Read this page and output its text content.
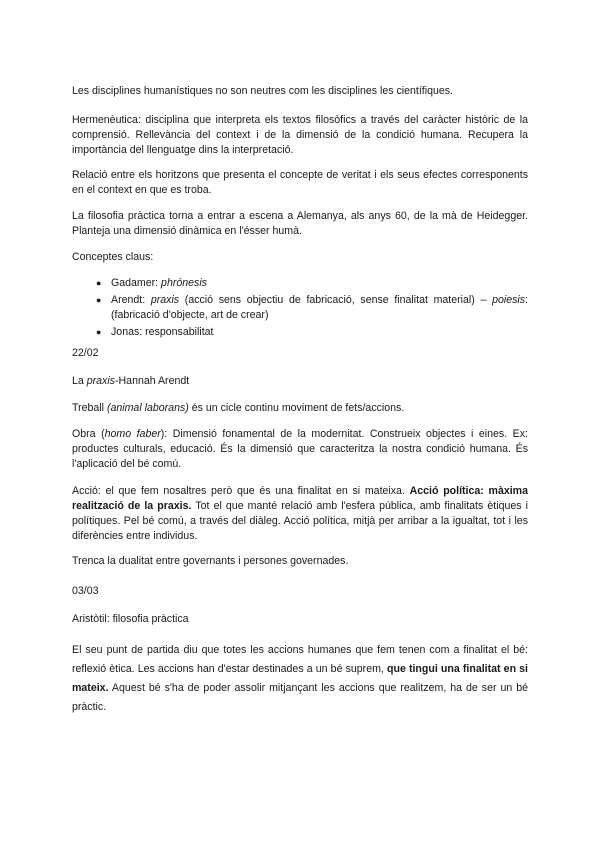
Les disciplines humanístiques no son neutres com les disciplines les científiques.

Hermenèutica: disciplina que interpreta els textos filosòfics a través del caràcter històric de la comprensió. Rellevància del context i de la dimensió de la condició humana. Recupera la importància del llenguatge dins la interpretació.

Relació entre els horitzons que presenta el concepte de veritat i els seus efectes corresponents en el context en que es troba.

La filosofia pràctica torna a entrar a escena a Alemanya, als anys 60, de la mà de Heidegger. Planteja una dimensió dinàmica en l'ésser humà.

Conceptes claus:

● Gadamer: phrónesis
● Arendt: praxis (acció sens objectiu de fabricació, sense finalitat material) – poiesis: (fabricació d'objecte, art de crear)
● Jonas: responsabilitat

22/02

La praxis-Hannah Arendt

Treball (animal laborans) és un cicle continu moviment de fets/accions.

Obra (homo faber): Dimensió fonamental de la modernitat. Construeix objectes i eines. Ex: productes culturals, educació. És la dimensió que caracteritza la nostra condició humana. És l'aplicació del bé comú.

Acció: el que fem nosaltres però que és una finalitat en si mateixa. Acció política: màxima realització de la praxis. Tot el que manté relació amb l'esfera pública, amb finalitats ètiques i polítiques. Pel bé comú, a través del diàleg. Acció política, mitjà per arribar a la igualtat, tot i les diferències entre individus.

Trenca la dualitat entre governants i persones governades.

03/03

Aristòtil: filosofia pràctica

El seu punt de partida diu que totes les accions humanes que fem tenen com a finalitat el bé: reflexió ètica. Les accions han d'estar destinades a un bé suprem, que tingui una finalitat en si mateix. Aquest bé s'ha de poder assolir mitjançant les accions que realitzem, ha de ser un bé pràctic.
